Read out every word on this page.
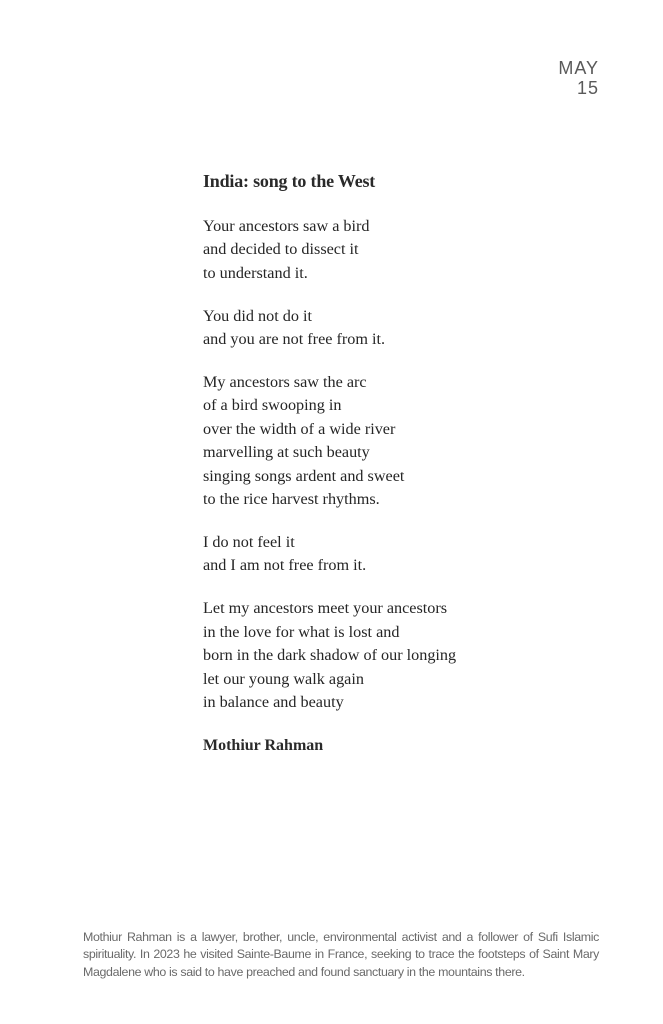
MAY
15
India: song to the West
Your ancestors saw a bird
and decided to dissect it
to understand it.
You did not do it
and you are not free from it.
My ancestors saw the arc
of a bird swooping in
over the width of a wide river
marvelling at such beauty
singing songs ardent and sweet
to the rice harvest rhythms.
I do not feel it
and I am not free from it.
Let my ancestors meet your ancestors
in the love for what is lost and
born in the dark shadow of our longing
let our young walk again
in balance and beauty
Mothiur Rahman
Mothiur Rahman is a lawyer, brother, uncle, environmental activist and a follower of Sufi Islamic spirituality. In 2023 he visited Sainte-Baume in France, seeking to trace the footsteps of Saint Mary Magdalene who is said to have preached and found sanctuary in the mountains there.
